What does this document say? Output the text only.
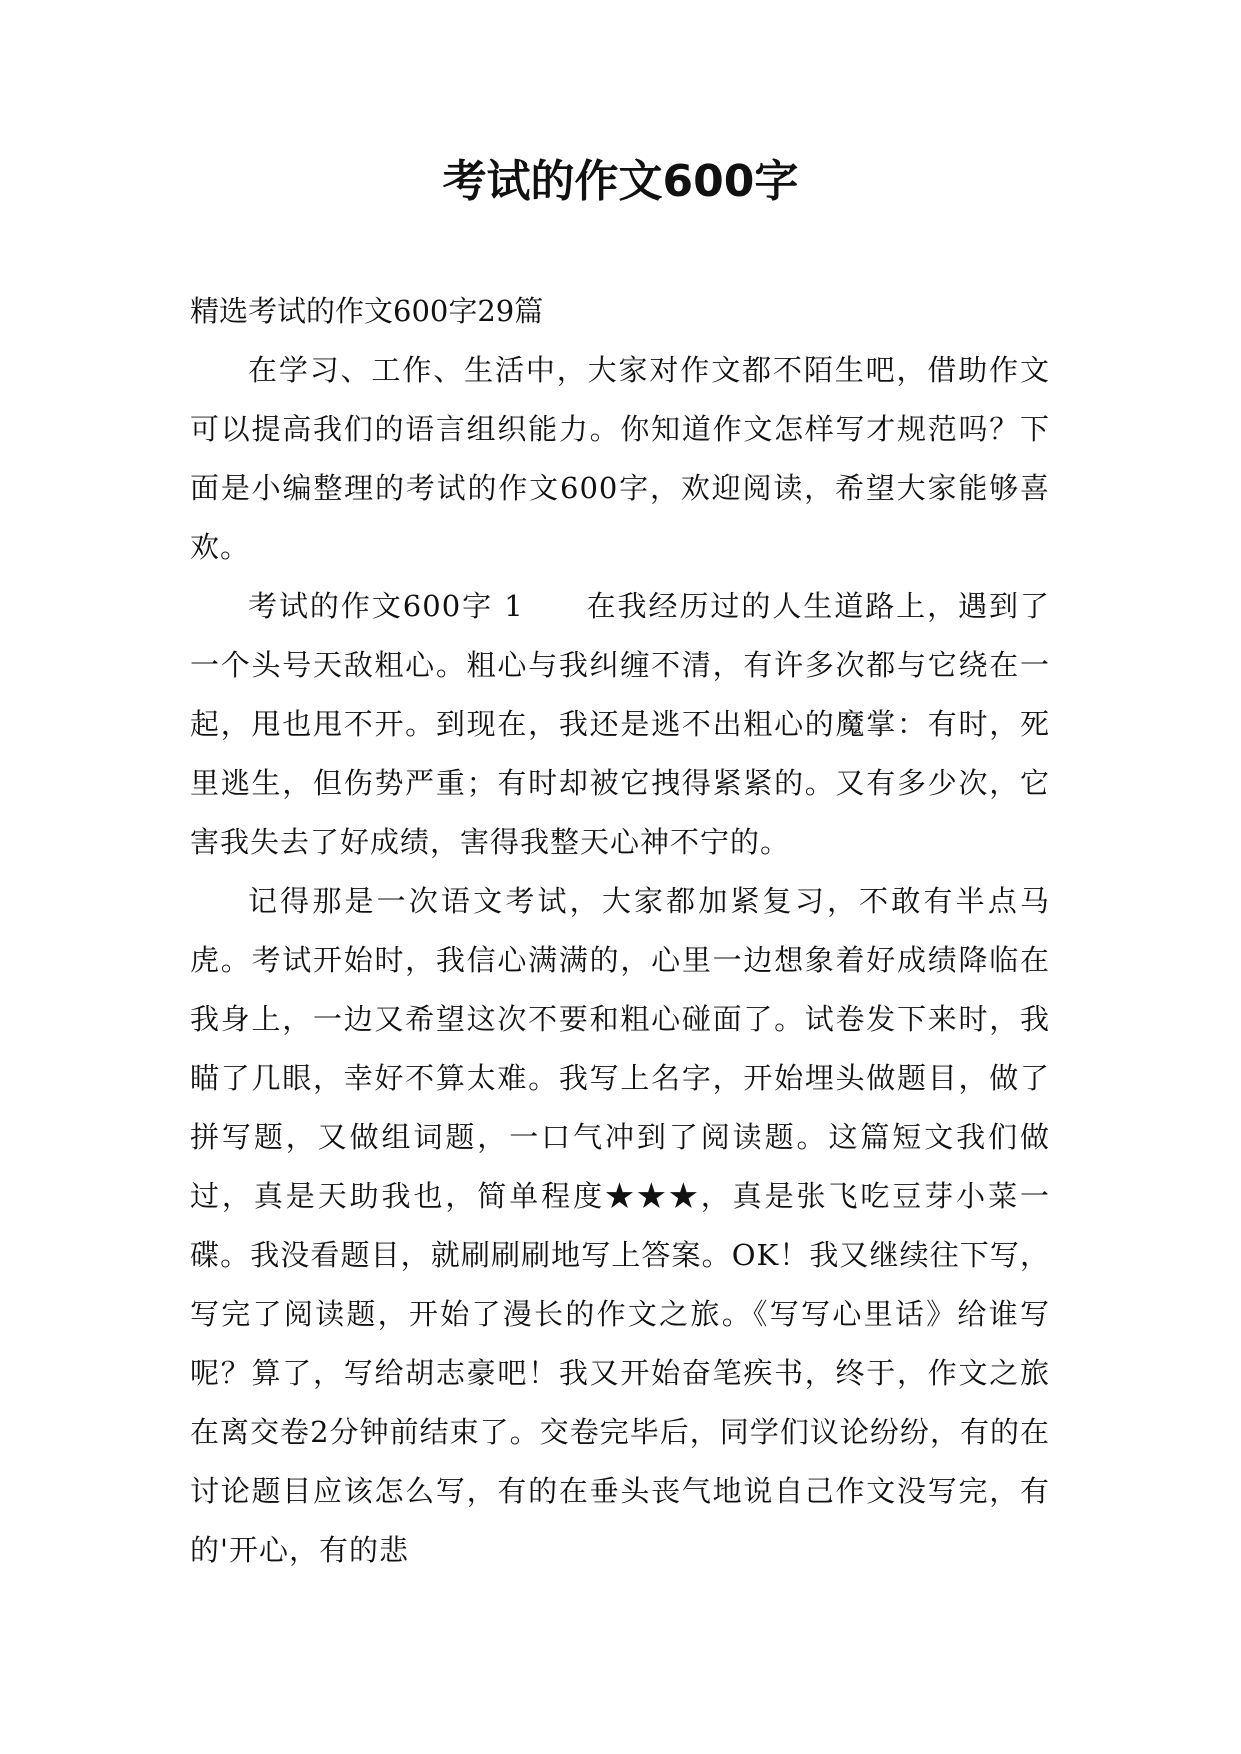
考试的作文600字

精选考试的作文600字29篇

在学习、工作、生活中，大家对作文都不陌生吧，借助作文可以提高我们的语言组织能力。你知道作文怎样写才规范吗？下面是小编整理的考试的作文600字，欢迎阅读，希望大家能够喜欢。

考试的作文600字 1　　在我经历过的人生道路上，遇到了一个头号天敌粗心。粗心与我纠缠不清，有许多次都与它绕在一起，甩也甩不开。到现在，我还是逃不出粗心的魔掌：有时，死里逃生，但伤势严重；有时却被它拽得紧紧的。又有多少次，它害我失去了好成绩，害得我整天心神不宁的。

记得那是一次语文考试，大家都加紧复习，不敢有半点马虎。考试开始时，我信心满满的，心里一边想象着好成绩降临在我身上，一边又希望这次不要和粗心碰面了。试卷发下来时，我瞄了几眼，幸好不算太难。我写上名字，开始埋头做题目，做了拼写题，又做组词题，一口气冲到了阅读题。这篇短文我们做过，真是天助我也，简单程度★★★，真是张飞吃豆芽小菜一碟。我没看题目，就刷刷刷地写上答案。OK！我又继续往下写，写完了阅读题，开始了漫长的作文之旅。《写写心里话》给谁写呢？算了，写给胡志豪吧！我又开始奋笔疾书，终于，作文之旅在离交卷2分钟前结束了。交卷完毕后，同学们议论纷纷，有的在讨论题目应该怎么写，有的在垂头丧气地说自己作文没写完，有的'开心，有的悲
